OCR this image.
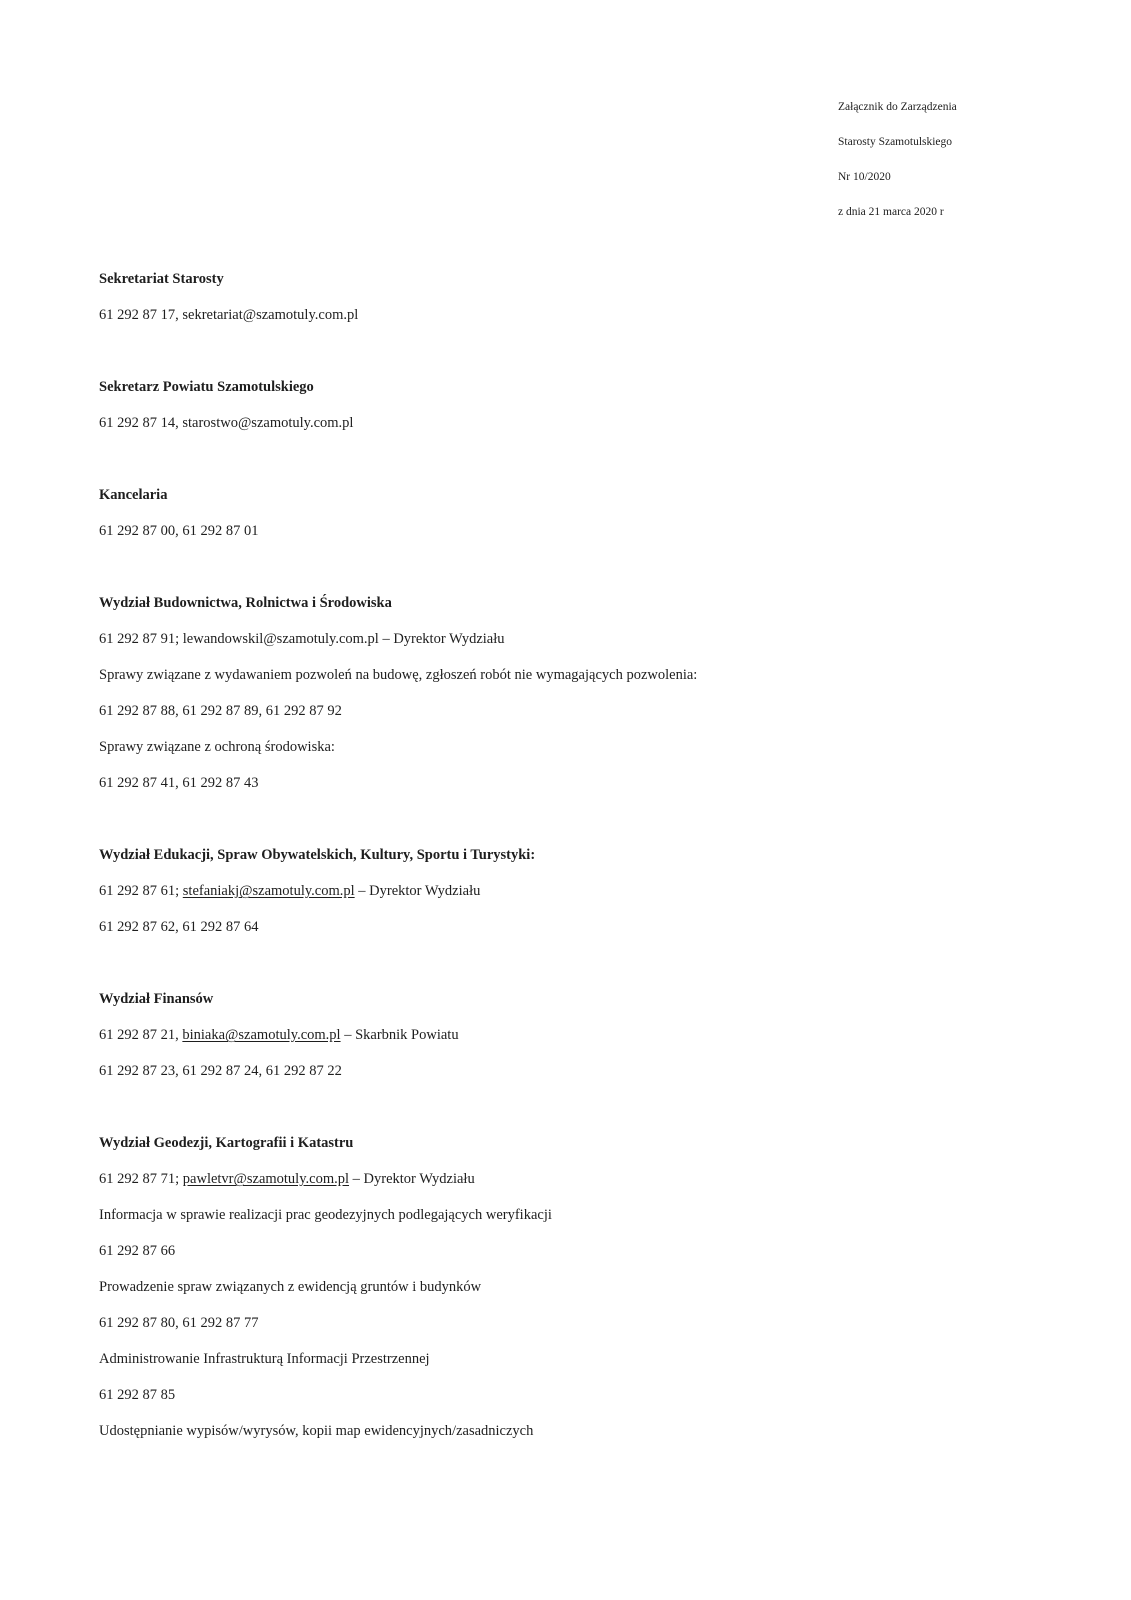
Załącznik do Zarządzenia
Starosty Szamotulskiego
Nr 10/2020
z dnia 21 marca 2020 r
Sekretariat Starosty
61 292 87 17, sekretariat@szamotuly.com.pl
Sekretarz Powiatu Szamotulskiego
61 292 87 14, starostwo@szamotuly.com.pl
Kancelaria
61 292 87 00, 61 292 87 01
Wydział Budownictwa, Rolnictwa i Środowiska
61 292 87 91; lewandowskil@szamotuly.com.pl – Dyrektor Wydziału
Sprawy związane z wydawaniem pozwoleń na budowę, zgłoszeń robót nie wymagających pozwolenia:
61 292 87 88, 61 292 87 89, 61 292 87 92
Sprawy związane z ochroną środowiska:
61 292 87 41, 61 292 87 43
Wydział Edukacji, Spraw Obywatelskich, Kultury, Sportu i Turystyki:
61 292 87 61; stefaniakj@szamotuly.com.pl – Dyrektor Wydziału
61 292 87 62, 61 292 87 64
Wydział Finansów
61 292 87 21, biniaka@szamotuly.com.pl – Skarbnik Powiatu
61 292 87 23, 61 292 87 24, 61 292 87 22
Wydział Geodezji, Kartografii i Katastru
61 292 87 71; pawletvr@szamotuly.com.pl – Dyrektor Wydziału
Informacja w sprawie realizacji prac geodezyjnych podlegających weryfikacji
61 292 87 66
Prowadzenie spraw związanych z ewidencją gruntów i budynków
61 292 87 80, 61 292 87 77
Administrowanie Infrastrukturą Informacji Przestrzennej
61 292 87 85
Udostępnianie wypisów/wyrysów, kopii map ewidencyjnych/zasadniczych
